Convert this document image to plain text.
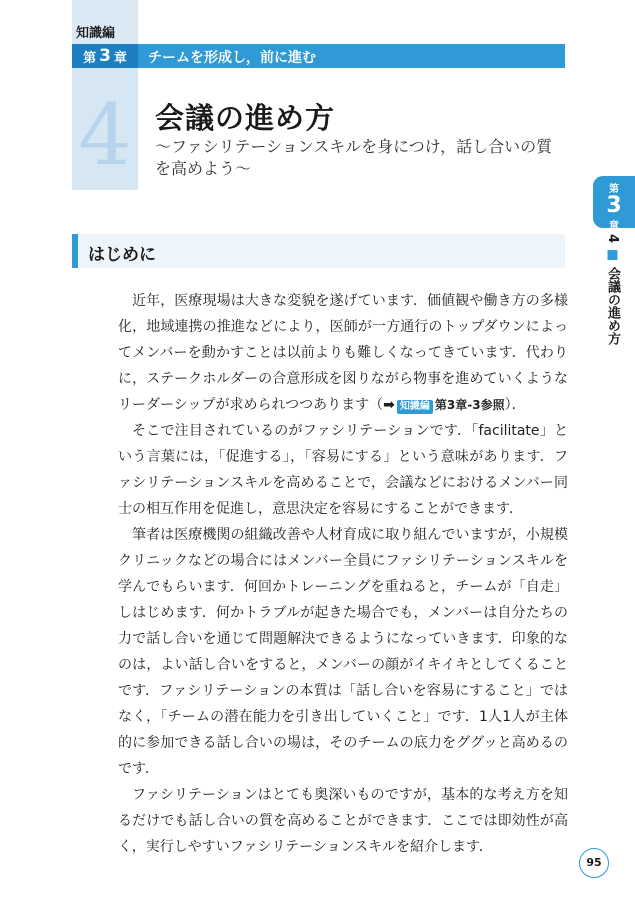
知識編
第 3 章 チームを形成し，前に進む
4 会議の進め方
〜ファシリテーションスキルを身につけ，話し合いの質を高めよう〜
はじめに

近年，医療現場は大きな変貌を遂げています．価値観や働き方の多様化，地域連携の推進などにより，医師が一方通行のトップダウンによってメンバーを動かすことは以前よりも難しくなってきています．代わりに，ステークホルダーの合意形成を図りながら物事を進めていくようなリーダーシップが求められつつあります（➡ 知識編 第3章-3参照）．

そこで注目されているのがファシリテーションです．「facilitate」という言葉には，「促進する」，「容易にする」という意味があります．ファシリテーションスキルを高めることで，会議などにおけるメンバー同士の相互作用を促進し，意思決定を容易にすることができます．

筆者は医療機関の組織改善や人材育成に取り組んでいますが，小規模クリニックなどの場合にはメンバー全員にファシリテーションスキルを学んでもらいます．何回かトレーニングを重ねると，チームが「自走」しはじめます．何かトラブルが起きた場合でも，メンバーは自分たちの力で話し合いを通じて問題解決できるようになっていきます．印象的なのは，よい話し合いをすると，メンバーの顔がイキイキとしてくることです．ファシリテーションの本質は「話し合いを容易にすること」ではなく，「チームの潜在能力を引き出していくこと」です．1人1人が主体的に参加できる話し合いの場は，そのチームの底力をググッと高めるのです．

ファシリテーションはとても奥深いものですが，基本的な考え方を知るだけでも話し合いの質を高めることができます．ここでは即効性が高く，実行しやすいファシリテーションスキルを紹介します．

第
3
章
4 ■ 会議の進め方
95
